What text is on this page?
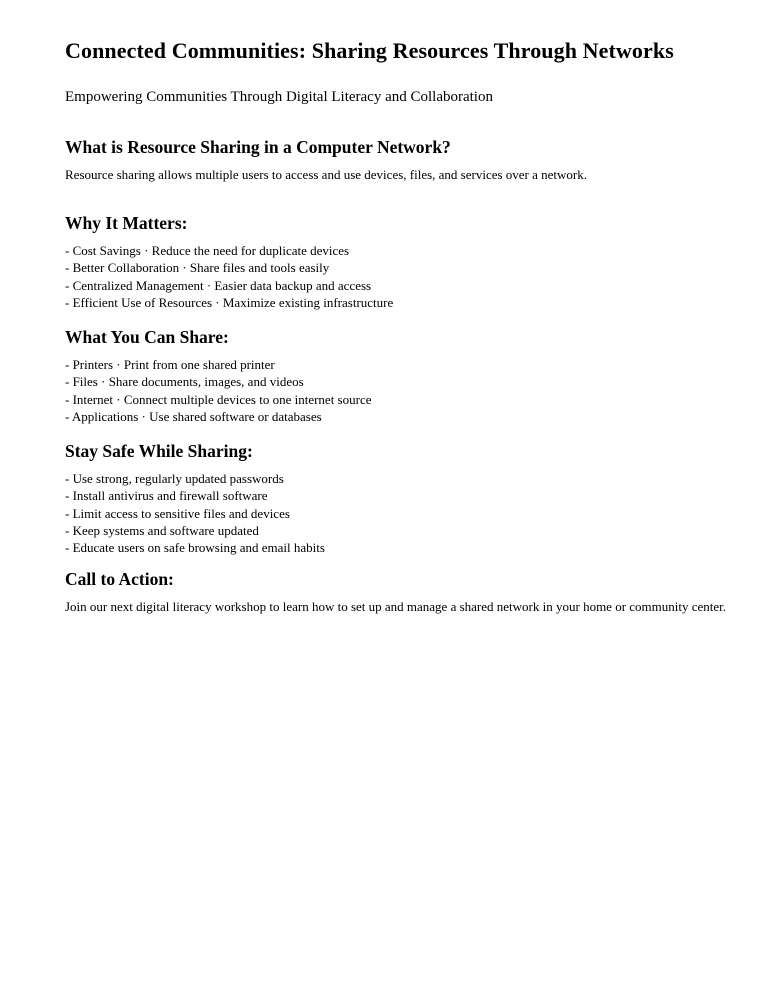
Connected Communities: Sharing Resources Through Networks

Empowering Communities Through Digital Literacy and Collaboration

What is Resource Sharing in a Computer Network?

Resource sharing allows multiple users to access and use devices, files, and services over a network.

Why It Matters:
- Cost Savings · Reduce the need for duplicate devices
- Better Collaboration · Share files and tools easily
- Centralized Management · Easier data backup and access
- Efficient Use of Resources · Maximize existing infrastructure
What You Can Share:
- Printers · Print from one shared printer
- Files · Share documents, images, and videos
- Internet · Connect multiple devices to one internet source
- Applications · Use shared software or databases
Stay Safe While Sharing:
- Use strong, regularly updated passwords
- Install antivirus and firewall software
- Limit access to sensitive files and devices
- Keep systems and software updated
- Educate users on safe browsing and email habits
Call to Action:

Join our next digital literacy workshop to learn how to set up and manage a shared network in your home or community center.
